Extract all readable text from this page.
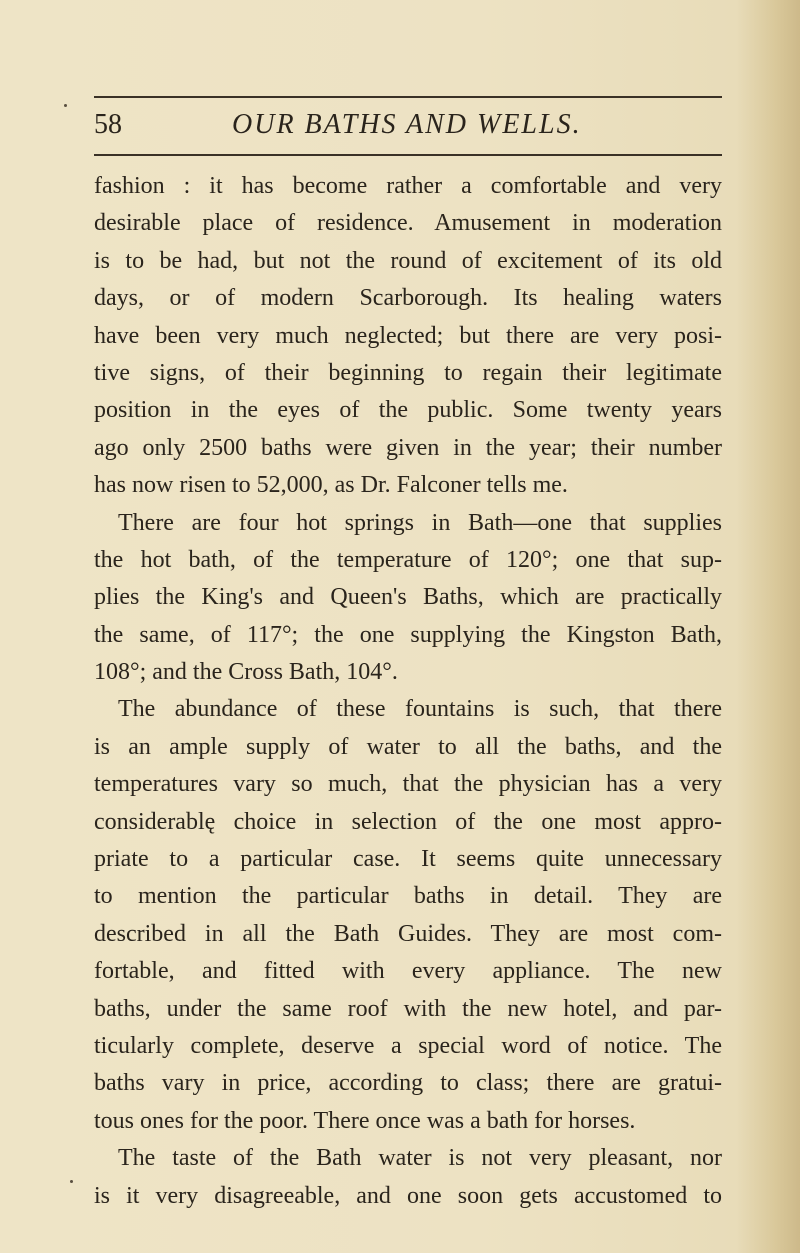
58	OUR BATHS AND WELLS.
fashion : it has become rather a comfortable and very
desirable place of residence. Amusement in moderation
is to be had, but not the round of excitement of its old
days, or of modern Scarborough. Its healing waters
have been very much neglected; but there are very posi-
tive signs, of their beginning to regain their legitimate
position in the eyes of the public. Some twenty years
ago only 2500 baths were given in the year; their number
has now risen to 52,000, as Dr. Falconer tells me.
There are four hot springs in Bath—one that supplies
the hot bath, of the temperature of 120°; one that sup-
plies the King's and Queen's Baths, which are practically
the same, of 117°; the one supplying the Kingston Bath,
108°; and the Cross Bath, 104°.
The abundance of these fountains is such, that there
is an ample supply of water to all the baths, and the
temperatures vary so much, that the physician has a very
considerablę choice in selection of the one most appro-
priate to a particular case. It seems quite unnecessary
to mention the particular baths in detail. They are
described in all the Bath Guides. They are most com-
fortable, and fitted with every appliance. The new
baths, under the same roof with the new hotel, and par-
ticularly complete, deserve a special word of notice. The
baths vary in price, according to class; there are gratui-
tous ones for the poor. There once was a bath for horses.
The taste of the Bath water is not very pleasant, nor
is it very disagreeable, and one soon gets accustomed to
